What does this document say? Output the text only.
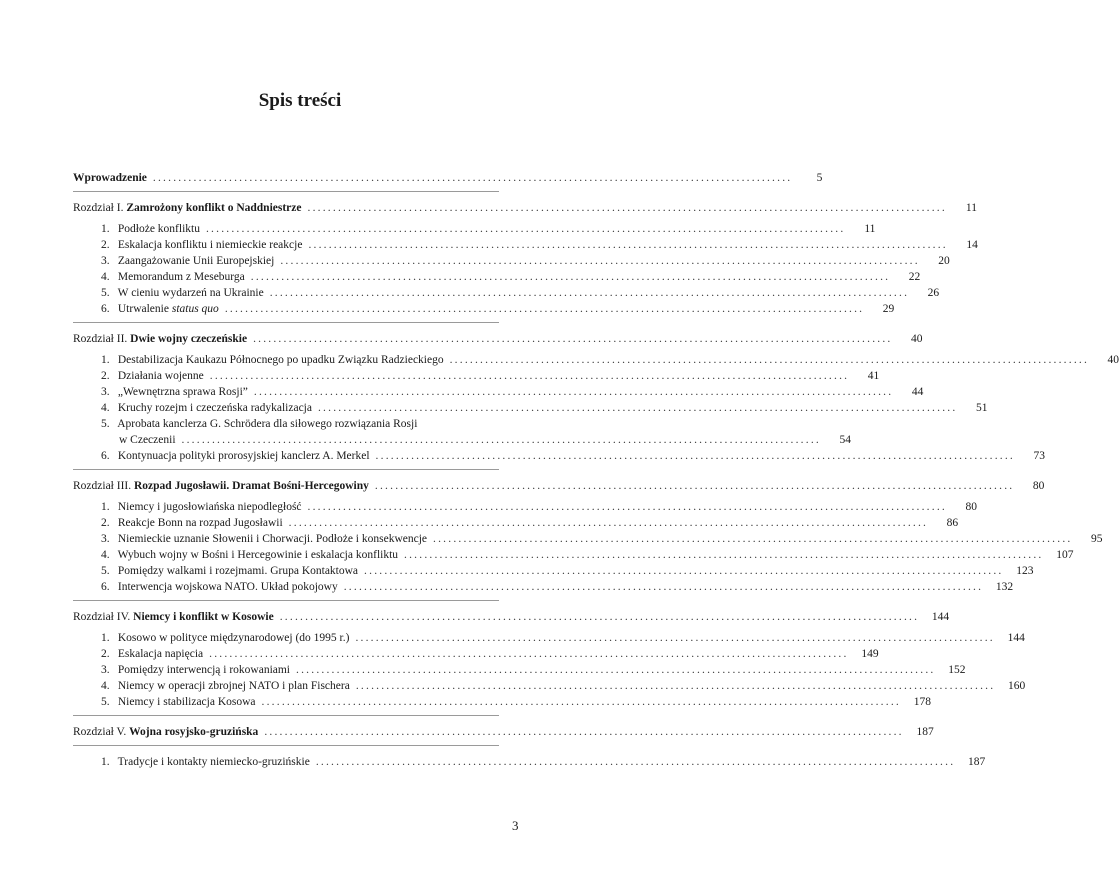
Spis treści
Wprowadzenie ..............................................................................................................................	5
Rozdział I. Zamrożony konflikt o Naddniestrze ..............................................................................................................................	11
1. Podłoże konfliktu ..............................................................................................................................	11
2. Eskalacja konfliktu i niemieckie reakcje ..............................................................................................................................	14
3. Zaangażowanie Unii Europejskiej ..............................................................................................................................	20
4. Memorandum z Meseburga ..............................................................................................................................	22
5. W cieniu wydarzeń na Ukrainie ..............................................................................................................................	26
6. Utrwalenie status quo ..............................................................................................................................	29
Rozdział II. Dwie wojny czeczeńskie ..............................................................................................................................	40
1. Destabilizacja Kaukazu Północnego po upadku Związku Radzieckiego ..............................................................................................................................	40
2. Działania wojenne ..............................................................................................................................	41
3. „Wewnętrzna sprawa Rosji” ..............................................................................................................................	44
4. Kruchy rozejm i czeczeńska radykalizacja ..............................................................................................................................	51
5. Aprobata kanclerza G. Schrödera dla siłowego rozwiązania Rosji
w Czeczenii ..............................................................................................................................	54
6. Kontynuacja polityki prorosyjskiej kanclerz A. Merkel ..............................................................................................................................	73
Rozdział III. Rozpad Jugosławii. Dramat Bośni-Hercegowiny ..............................................................................................................................	80
1. Niemcy i jugosłowiańska niepodległość ..............................................................................................................................	80
2. Reakcje Bonn na rozpad Jugosławii ..............................................................................................................................	86
3. Niemieckie uznanie Słowenii i Chorwacji. Podłoże i konsekwencje ..............................................................................................................................	95
4. Wybuch wojny w Bośni i Hercegowinie i eskalacja konfliktu ..............................................................................................................................	107
5. Pomiędzy walkami i rozejmami. Grupa Kontaktowa ..............................................................................................................................	123
6. Interwencja wojskowa NATO. Układ pokojowy ..............................................................................................................................	132
Rozdział IV. Niemcy i konflikt w Kosowie ..............................................................................................................................	144
1. Kosowo w polityce międzynarodowej (do 1995 r.) ..............................................................................................................................	144
2. Eskalacja napięcia ..............................................................................................................................	149
3. Pomiędzy interwencją i rokowaniami ..............................................................................................................................	152
4. Niemcy w operacji zbrojnej NATO i plan Fischera ..............................................................................................................................	160
5. Niemcy i stabilizacja Kosowa ..............................................................................................................................	178
Rozdział V. Wojna rosyjsko-gruzińska ..............................................................................................................................	187
1. Tradycje i kontakty niemiecko-gruzińskie ..............................................................................................................................	187
3
